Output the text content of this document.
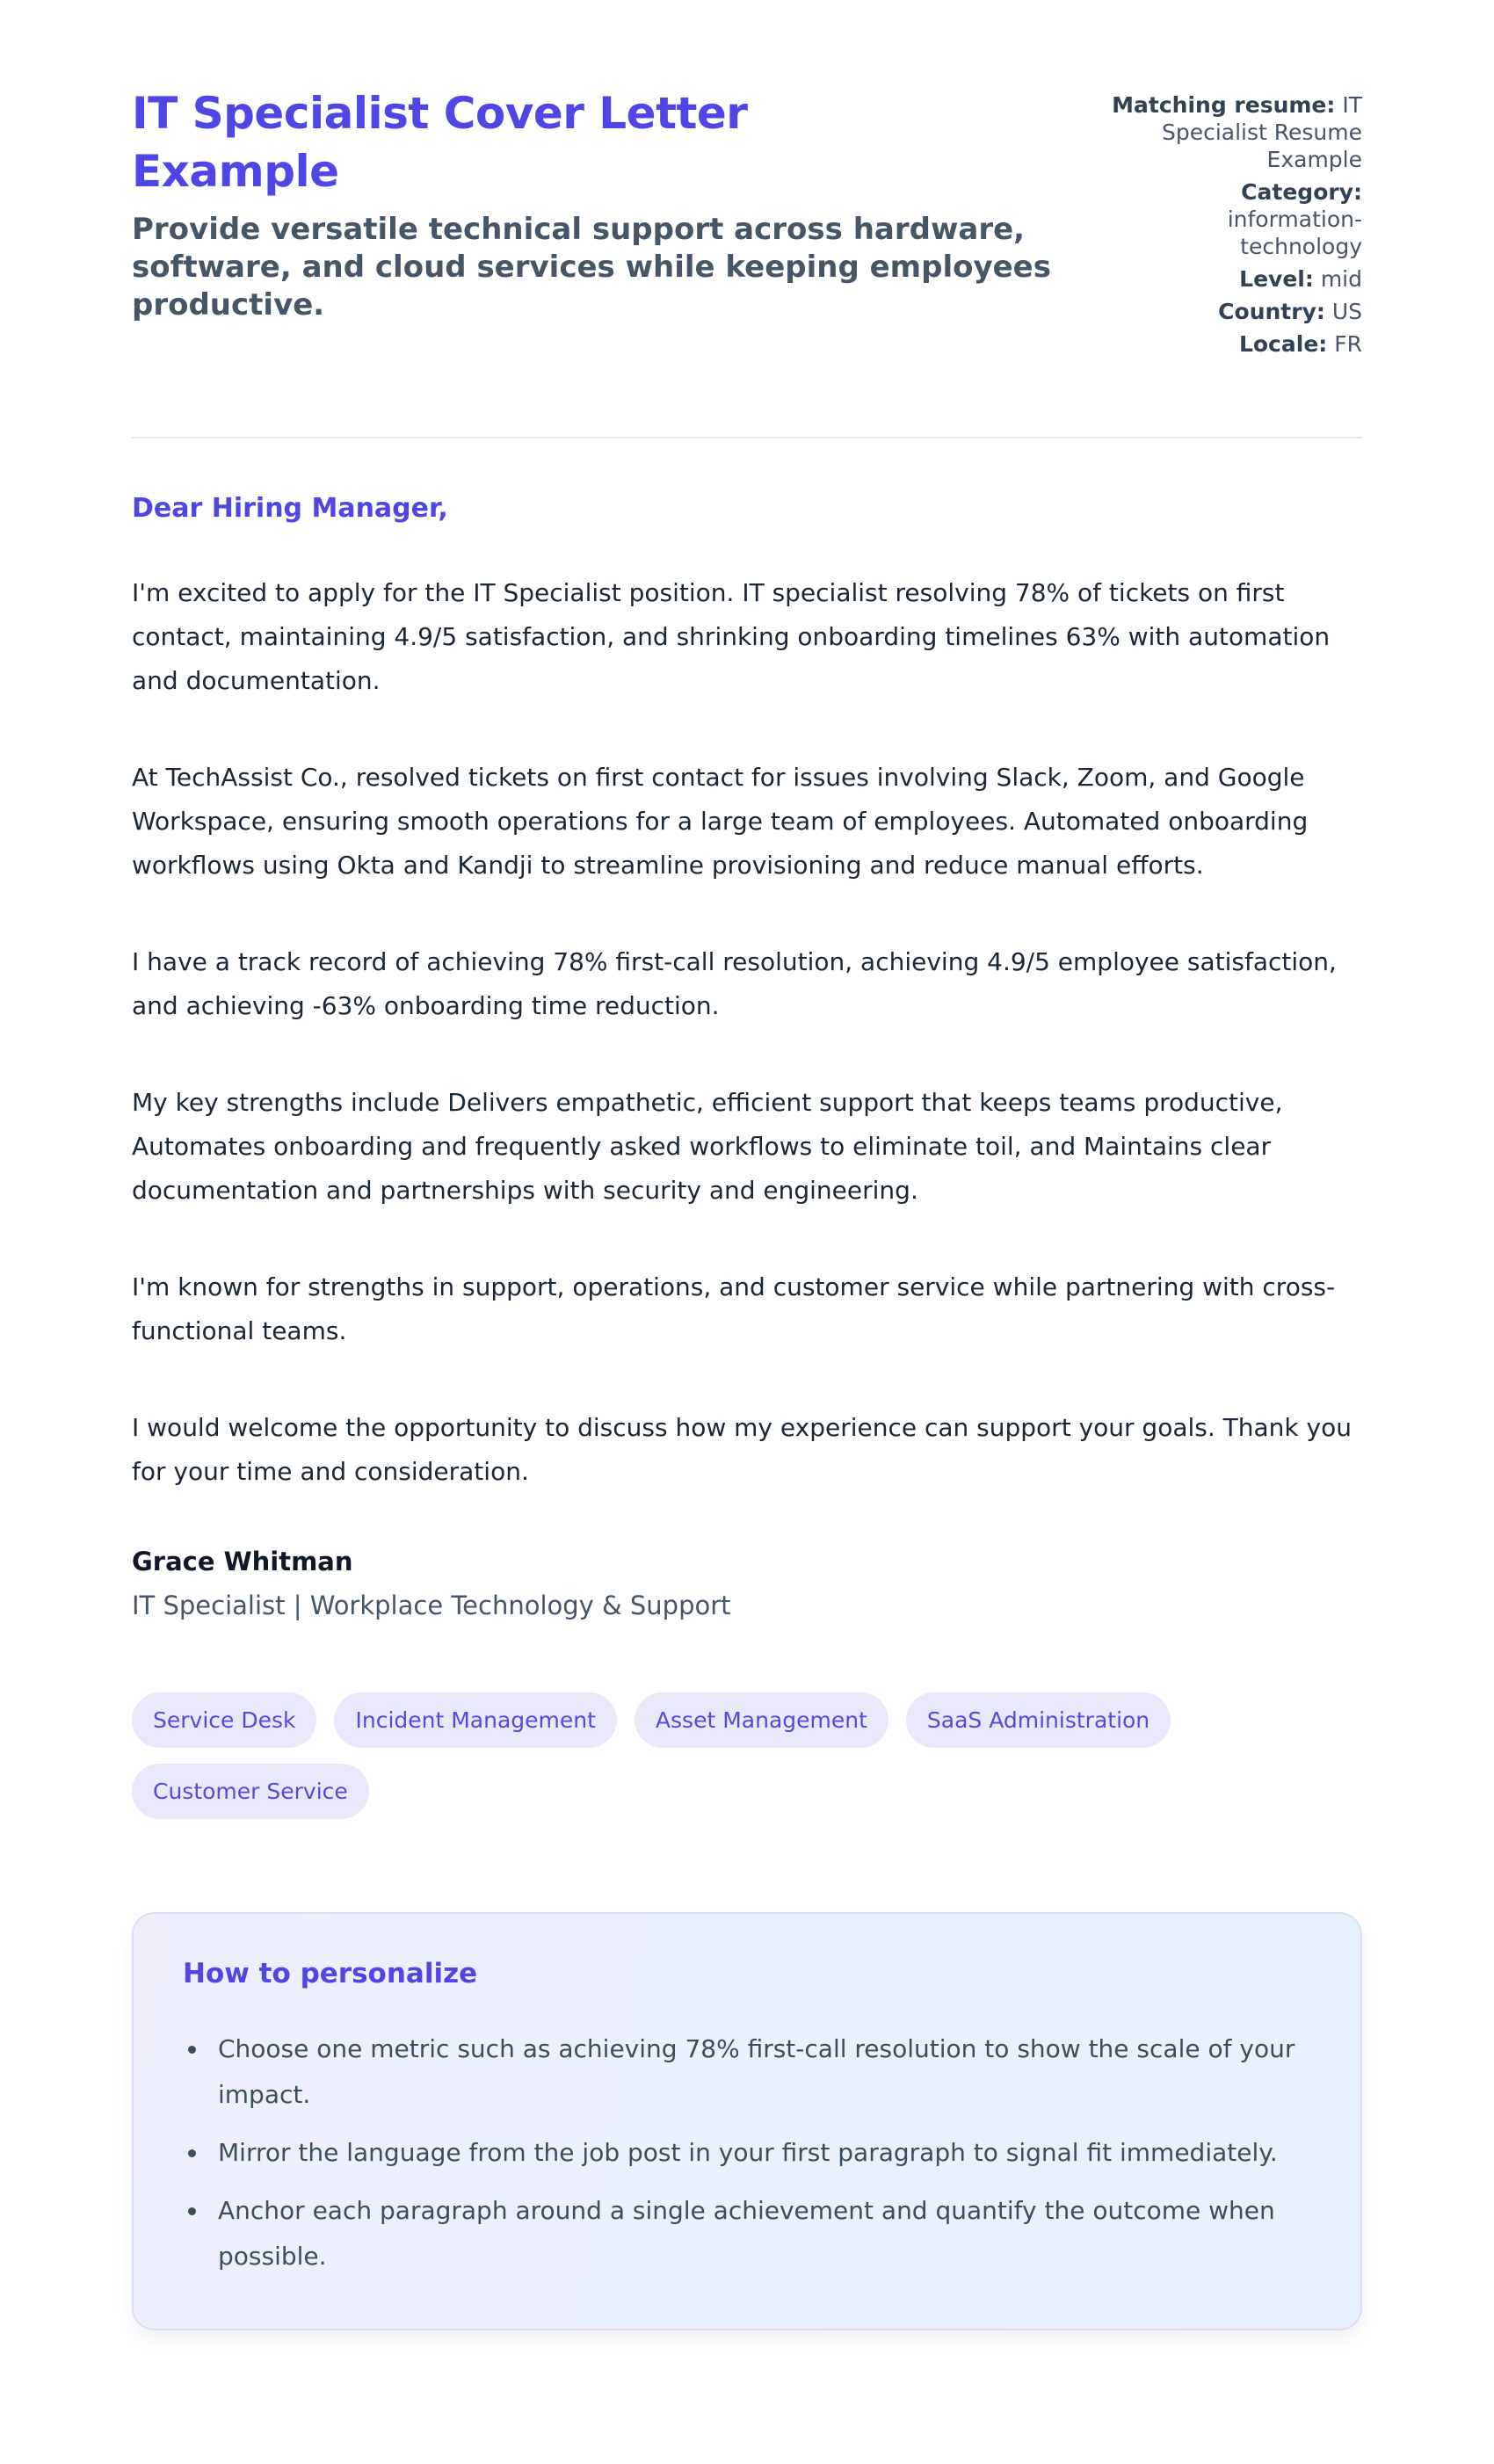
IT Specialist Cover Letter Example

Provide versatile technical support across hardware, software, and cloud services while keeping employees productive.

Matching resume: IT Specialist Resume Example
Category: information-technology
Level: mid
Country: US
Locale: FR

Dear Hiring Manager,

I'm excited to apply for the IT Specialist position. IT specialist resolving 78% of tickets on first contact, maintaining 4.9/5 satisfaction, and shrinking onboarding timelines 63% with automation and documentation.

At TechAssist Co., resolved tickets on first contact for issues involving Slack, Zoom, and Google Workspace, ensuring smooth operations for a large team of employees. Automated onboarding workflows using Okta and Kandji to streamline provisioning and reduce manual efforts.

I have a track record of achieving 78% first-call resolution, achieving 4.9/5 employee satisfaction, and achieving -63% onboarding time reduction.

My key strengths include Delivers empathetic, efficient support that keeps teams productive, Automates onboarding and frequently asked workflows to eliminate toil, and Maintains clear documentation and partnerships with security and engineering.

I'm known for strengths in support, operations, and customer service while partnering with cross-functional teams.

I would welcome the opportunity to discuss how my experience can support your goals. Thank you for your time and consideration.

Grace Whitman

IT Specialist | Workplace Technology & Support

Service Desk	Incident Management	Asset Management	SaaS Administration
Customer Service
How to personalize
• Choose one metric such as achieving 78% first-call resolution to show the scale of your impact.
• Mirror the language from the job post in your first paragraph to signal fit immediately.
• Anchor each paragraph around a single achievement and quantify the outcome when possible.
